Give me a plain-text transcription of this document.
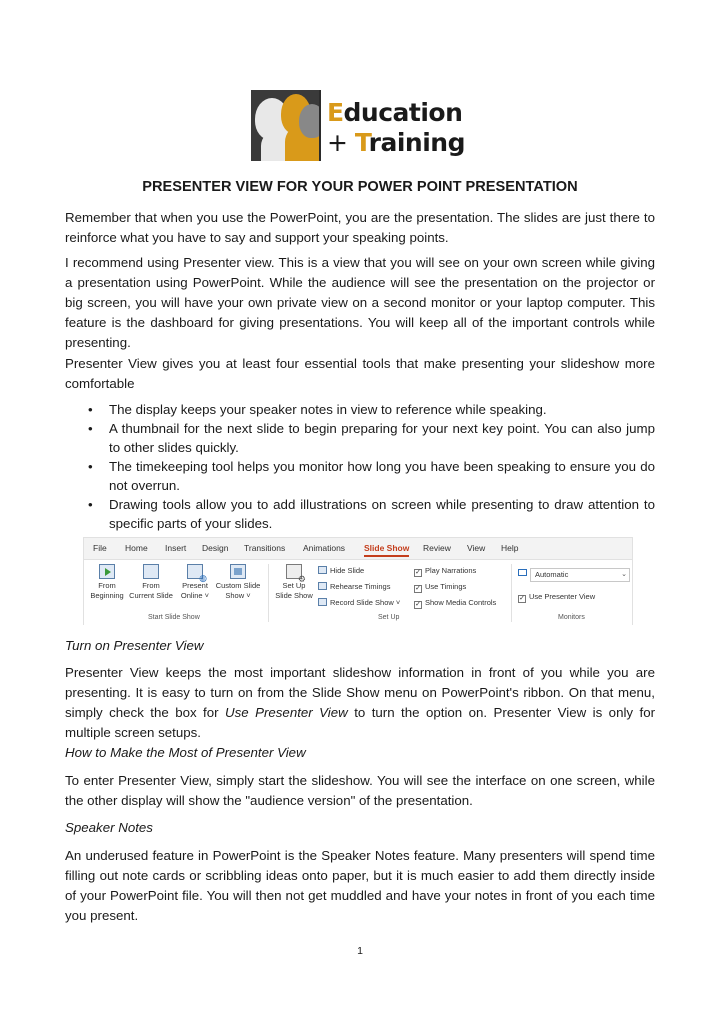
Education
+ Training
PRESENTER VIEW FOR YOUR POWER POINT PRESENTATION

Remember that when you use the PowerPoint, you are the presentation. The slides are just there to reinforce what you have to say and support your speaking points.

I recommend using Presenter view. This is a view that you will see on your own screen while giving a presentation using PowerPoint. While the audience will see the presentation on the projector or big screen, you will have your own private view on a second monitor or your laptop computer. This feature is the dashboard for giving presentations. You will keep all of the important controls while presenting.

Presenter View gives you at least four essential tools that make presenting your slideshow more comfortable

• The display keeps your speaker notes in view to reference while speaking.
• A thumbnail for the next slide to begin preparing for your next key point. You can also jump to other slides quickly.
• The timekeeping tool helps you monitor how long you have been speaking to ensure you do not overrun.
• Drawing tools allow you to add illustrations on screen while presenting to draw attention to specific parts of your slides.
File Home Insert Design Transitions Animations Slide Show Review View Help
From
Beginning
From
Current Slide
◍
Present
Online ˅
Custom Slide
Show ˅
Start Slide Show
⚙
Set Up
Slide Show
Hide Slide
Rehearse Timings
Record Slide Show ˅
✓ Play Narrations
✓ Use Timings
✓ Show Media Controls
Set Up
Automatic	⌄
✓ Use Presenter View
Monitors

Turn on Presenter View

Presenter View keeps the most important slideshow information in front of you while you are presenting. It is easy to turn on from the Slide Show menu on PowerPoint's ribbon. On that menu, simply check the box for Use Presenter View to turn the option on. Presenter View is only for multiple screen setups.

How to Make the Most of Presenter View

To enter Presenter View, simply start the slideshow. You will see the interface on one screen, while the other display will show the "audience version" of the presentation.

Speaker Notes

An underused feature in PowerPoint is the Speaker Notes feature. Many presenters will spend time filling out note cards or scribbling ideas onto paper, but it is much easier to add them directly inside of your PowerPoint file. You will then not get muddled and have your notes in front of you each time you present.

1
